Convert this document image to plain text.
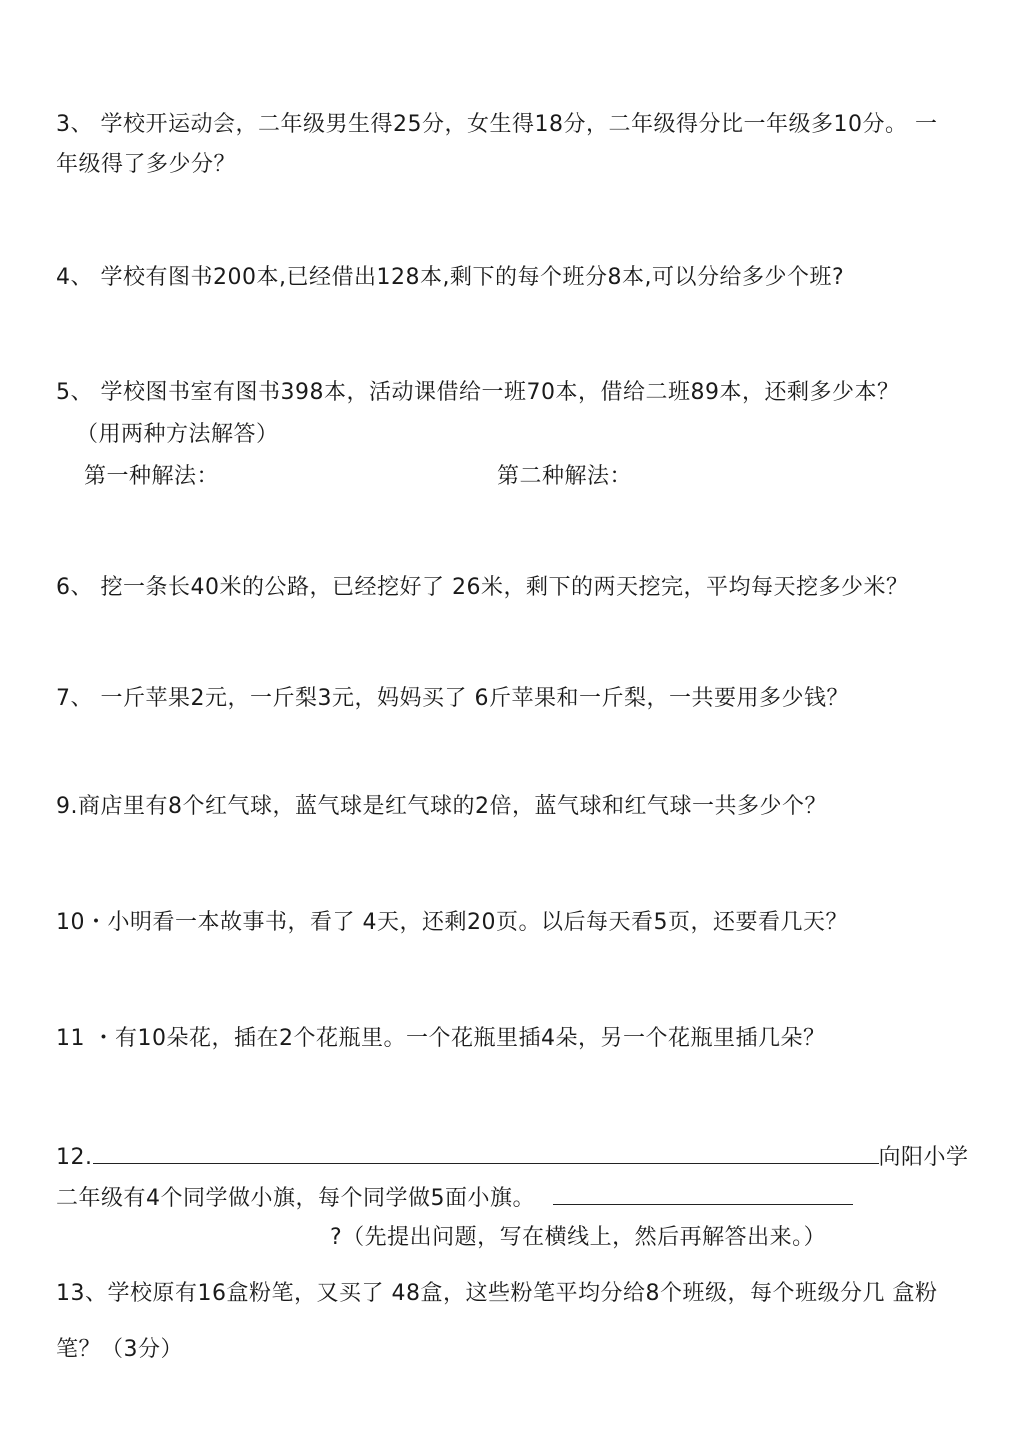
3、 学校开运动会，二年级男生得25分，女生得18分，二年级得分比一年级多10分。 一
年级得了多少分？
4、 学校有图书200本,已经借出128本,剩下的每个班分8本,可以分给多少个班?
5、 学校图书室有图书398本，活动课借给一班70本，借给二班89本，还剩多少本？
（用两种方法解答）
第一种解法：	第二种解法：
6、 挖一条长40米的公路，已经挖好了 26米，剩下的两天挖完，平均每天挖多少米？
7、 一斤苹果2元，一斤梨3元，妈妈买了 6斤苹果和一斤梨，一共要用多少钱？
9.商店里有8个红气球，蓝气球是红气球的2倍，蓝气球和红气球一共多少个？
10・小明看一本故事书，看了 4天，还剩20页。以后每天看5页，还要看几天？
11 ・有10朵花，插在2个花瓶里。一个花瓶里插4朵，另一个花瓶里插几朵？
12.	向阳小学
二年级有4个同学做小旗，每个同学做5面小旗。
?（先提出问题，写在横线上，然后再解答出来。）
13、学校原有16盒粉笔，又买了 48盒，这些粉笔平均分给8个班级，每个班级分几 盒粉
笔？（3分）
